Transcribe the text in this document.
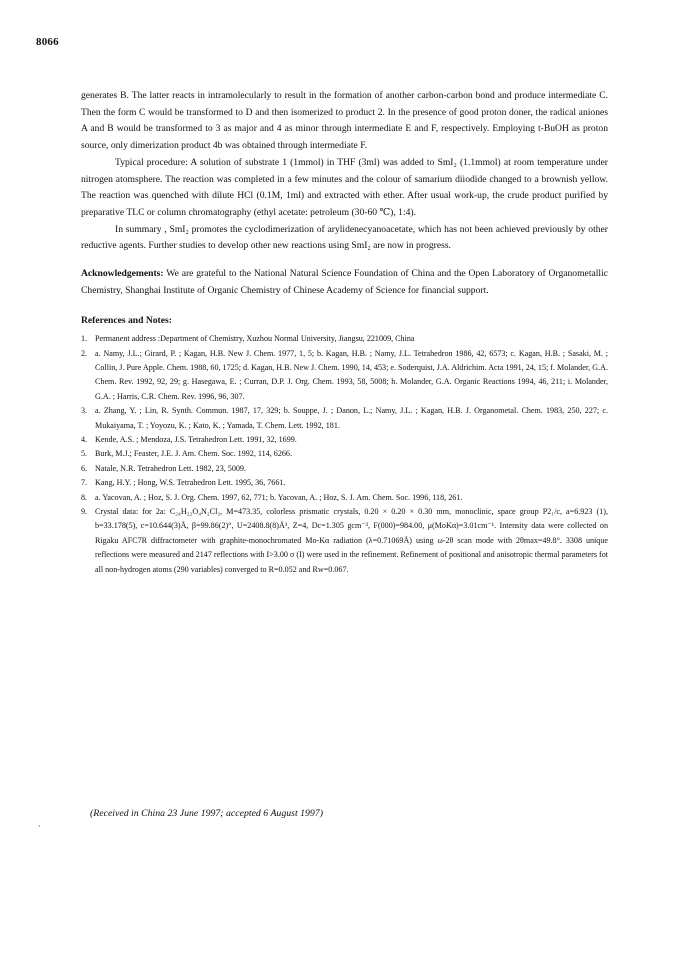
8066

generates B. The latter reacts in intramolecularly to result in the formation of another carbon-carbon bond and produce intermediate C. Then the form C would be transformed to D and then isomerized to product 2. In the presence of good proton doner, the radical aniones A and B would be transformed to 3 as major and 4 as minor through intermediate E and F, respectively. Employing t-BuOH as proton source, only dimerization product 4b was obtained through intermediate F.

Typical procedure: A solution of substrate 1 (1mmol) in THF (3ml) was added to SmI₂ (1.1mmol) at room temperature under nitrogen atomsphere. The reaction was completed in a few minutes and the colour of samarium diiodide changed to a brownish yellow. The reaction was quenched with dilute HCl (0.1M, 1ml) and extracted with ether. After usual work-up, the crude product purified by preparative TLC or column chromatography (ethyl acetate: petroleum (30-60 ℃), 1:4).

In summary , SmI₂ promotes the cyclodimerization of arylidenecyanoacetate, which has not been achieved previously by other reductive agents. Further studies to develop other new reactions using SmI₂ are now in progress.

Acknowledgements: We are grateful to the National Natural Science Foundation of China and the Open Laboratory of Organometallic Chemistry, Shanghai Institute of Organic Chemistry of Chinese Academy of Science for financial support.

References and Notes:
1. Permanent address :Department of Chemistry, Xuzhou Normal University, Jiangsu, 221009, China
2. a. Namy, J.L.; Girard, P. ; Kagan, H.B. New J. Chem. 1977, 1, 5; b. Kagan, H.B. ; Namy, J.L. Tetrahedron 1986, 42, 6573; c. Kagan, H.B. ; Sasaki, M. ; Collin, J. Pure Apple. Chem. 1988, 60, 1725; d. Kagan, H.B. New J. Chem. 1990, 14, 453; e. Soderquist, J.A. Aldrichim. Acta 1991, 24, 15; f. Molander, G.A. Chem. Rev. 1992, 92, 29; g. Hasegawa, E. ; Curran, D.P. J. Org. Chem. 1993, 58, 5008; h. Molander, G.A. Organic Reactions 1994, 46, 211; i. Molander, G.A. ; Harris, C.R. Chem. Rev. 1996, 96, 307.
3. a. Zhang, Y. ; Lin, R. Synth. Commun. 1987, 17, 329; b. Souppe, J. ; Danon, L.; Namy, J.L. ; Kagan, H.B. J. Organometal. Chem. 1983, 250, 227; c. Mukaiyama, T. ; Yoyozu, K. ; Kato, K. ; Yamada, T. Chem. Lett. 1992, 181.
4. Kende, A.S. ; Mendoza, J.S. Tetrahedron Lett. 1991, 32, 1699.
5. Burk, M.J.; Feaster, J.E. J. Am. Chem. Soc. 1992, 114, 6266.
6. Natale, N.R. Tetrahedron Lett. 1982, 23, 5009.
7. Kang, H.Y. ; Hong, W.S. Tetrahedron Lett. 1995, 36, 7661.
8. a. Yacovan, A. ; Hoz, S. J. Org. Chem. 1997, 62, 771; b. Yacovan, A. ; Hoz, S. J. Am. Chem. Soc. 1996, 118, 261.
9. Crystal data: for 2a: C₂₄H₂₂O₄N₂Cl₂, M=473.35, colorless prismatic crystals, 0.20 × 0.20 × 0.30 mm, monoclinic, space group P2₁/c, a=6.923 (1), b=33.178(5), c=10.644(3)Å, β=99.86(2)°, U=2408.8(8)Å³, Z=4, Dc=1.305 gcm⁻³, F(000)=984.00, μ(MoKα)=3.01cm⁻¹. Intensity data were collected on Rigaku AFC7R diffractometer with graphite-monochromated Mo-Kα radiation (λ=0.71069Å) using ω-2θ scan mode with 2θmax=49.8°. 3308 unique reflections were measured and 2147 reflections with I>3.00 σ (I) were used in the refinement. Refinement of positional and anisotropic thermal parameters fot all non-hydrogen atoms (290 variables) converged to R=0.052 and Rw=0.067.
(Received in China 23 June 1997; accepted 6 August 1997)
`
